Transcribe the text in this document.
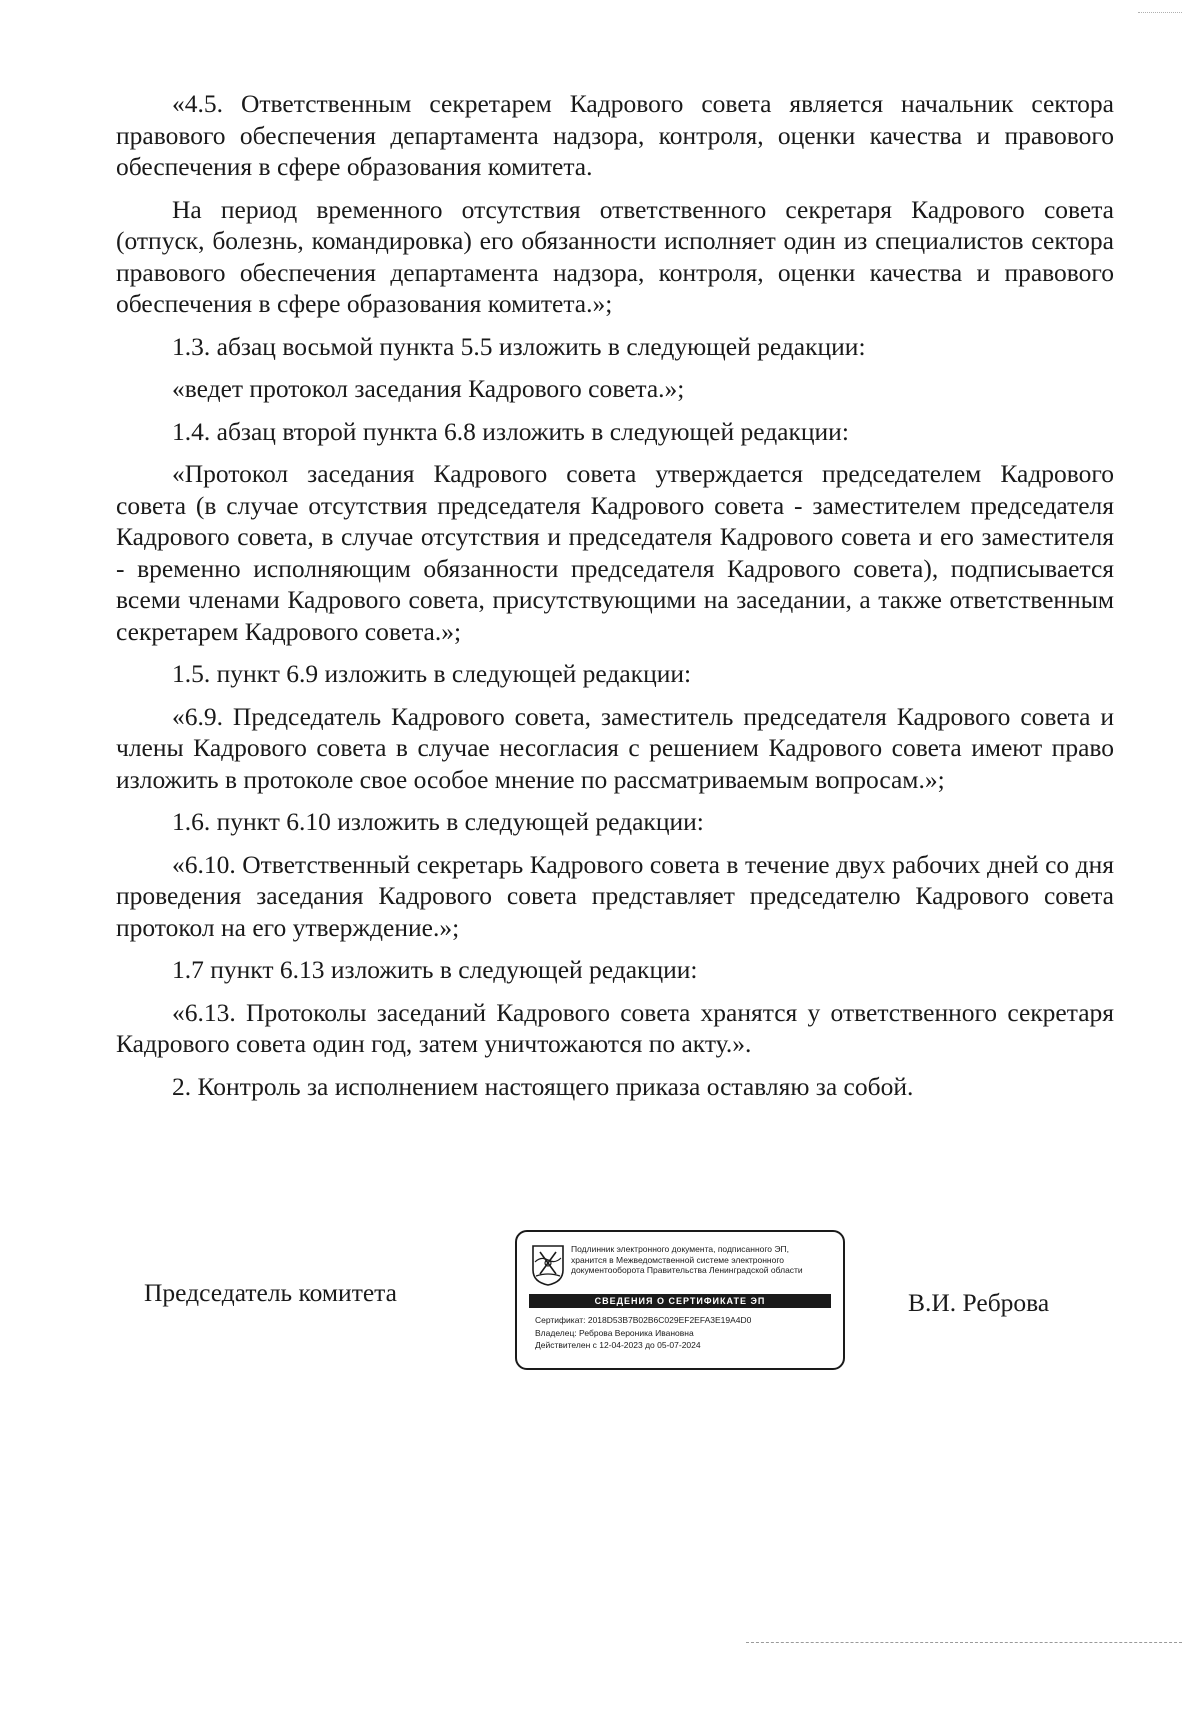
«4.5. Ответственным секретарем Кадрового совета является начальник сектора правового обеспечения департамента надзора, контроля, оценки качества и правового обеспечения в сфере образования комитета.

На период временного отсутствия ответственного секретаря Кадрового совета (отпуск, болезнь, командировка) его обязанности исполняет один из специалистов сектора правового обеспечения департамента надзора, контроля, оценки качества и правового обеспечения в сфере образования комитета.»;

1.3. абзац восьмой пункта 5.5 изложить в следующей редакции:

«ведет протокол заседания Кадрового совета.»;

1.4. абзац второй пункта 6.8 изложить в следующей редакции:

«Протокол заседания Кадрового совета утверждается председателем Кадрового совета (в случае отсутствия председателя Кадрового совета - заместителем председателя Кадрового совета, в случае отсутствия и председателя Кадрового совета и его заместителя - временно исполняющим обязанности председателя Кадрового совета), подписывается всеми членами Кадрового совета, присутствующими на заседании, а также ответственным секретарем Кадрового совета.»;

1.5. пункт 6.9 изложить в следующей редакции:

«6.9. Председатель Кадрового совета, заместитель председателя Кадрового совета и члены Кадрового совета в случае несогласия с решением Кадрового совета имеют право изложить в протоколе свое особое мнение по рассматриваемым вопросам.»;

1.6. пункт 6.10 изложить в следующей редакции:

«6.10. Ответственный секретарь Кадрового совета в течение двух рабочих дней со дня проведения заседания Кадрового совета представляет председателю Кадрового совета протокол на его утверждение.»;

1.7 пункт 6.13 изложить в следующей редакции:

«6.13. Протоколы заседаний Кадрового совета хранятся у ответственного секретаря Кадрового совета один год, затем уничтожаются по акту.».

2. Контроль за исполнением настоящего приказа оставляю за собой.

Председатель комитета
Подлинник электронного документа, подписанного ЭП,
хранится в Межведомственной системе электронного
документооборота Правительства Ленинградской области
СВЕДЕНИЯ О СЕРТИФИКАТЕ ЭП
Сертификат: 2018D53B7B02B6C029EF2EFA3E19A4D0
Владелец: Реброва Вероника Ивановна
Действителен с 12-04-2023 до 05-07-2024
В.И. Реброва
